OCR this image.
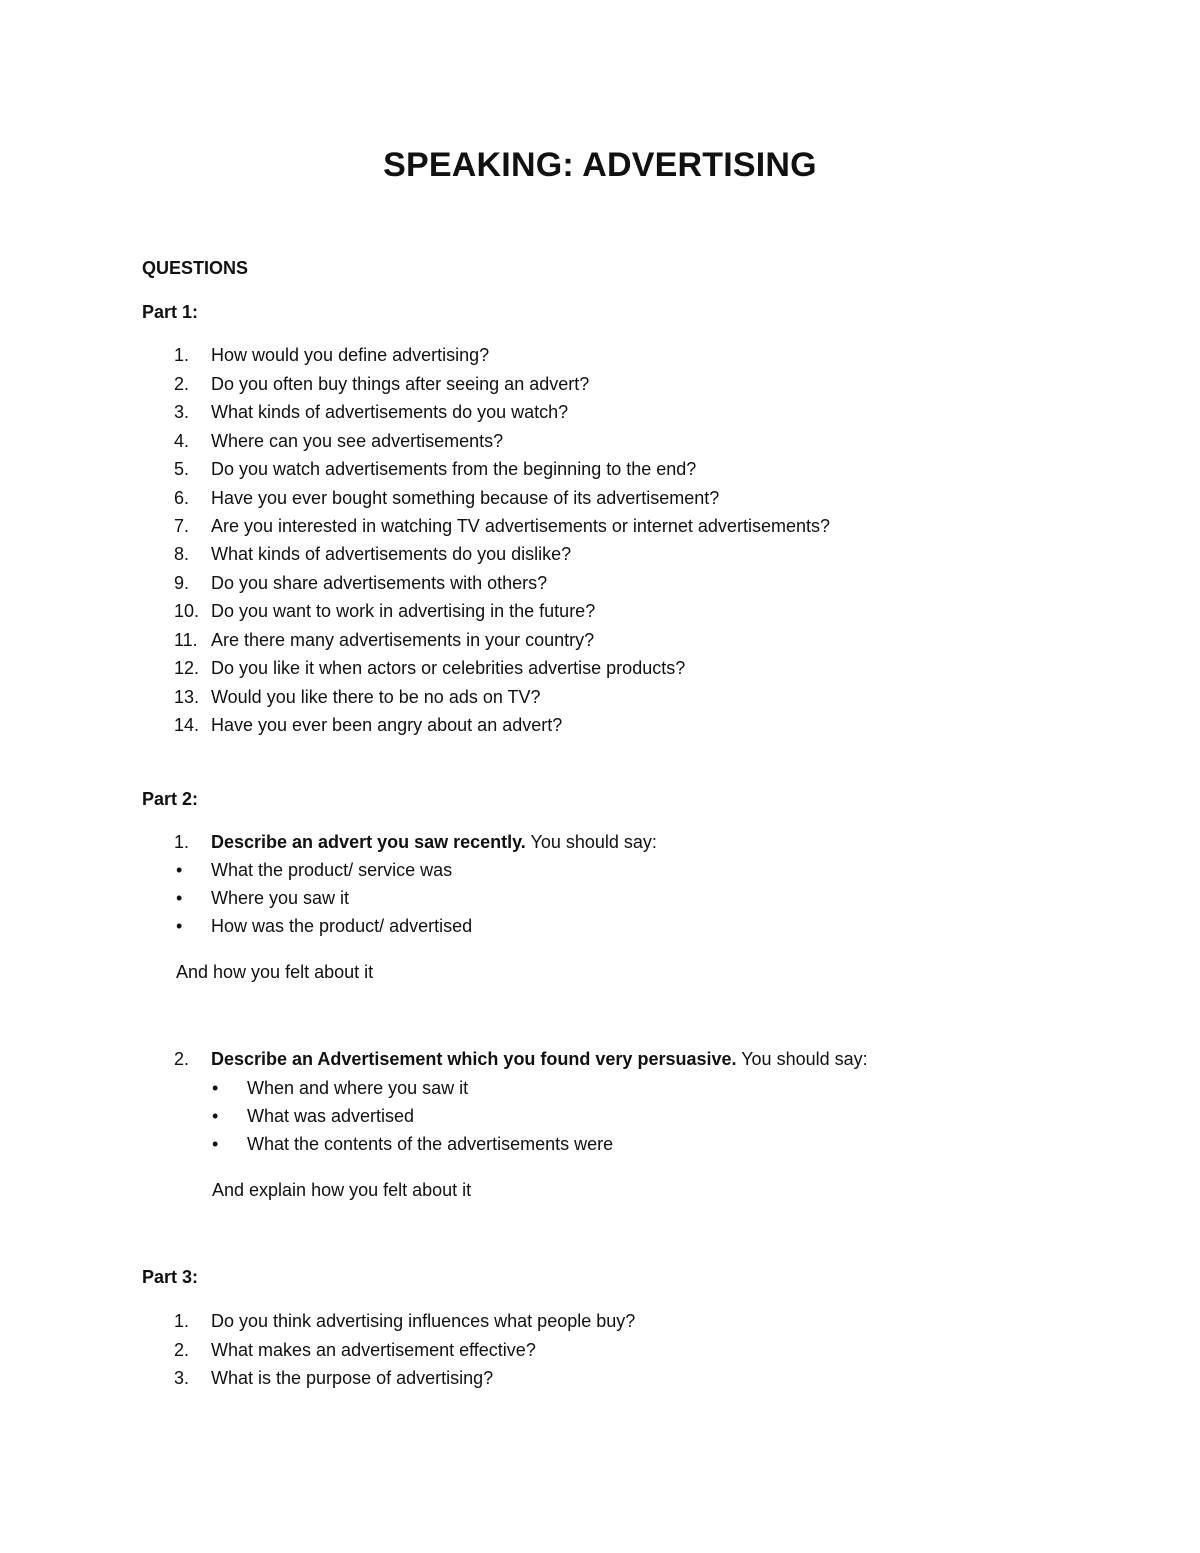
SPEAKING: ADVERTISING

QUESTIONS

Part 1:

1. How would you define advertising?
2. Do you often buy things after seeing an advert?
3. What kinds of advertisements do you watch?
4. Where can you see advertisements?
5. Do you watch advertisements from the beginning to the end?
6. Have you ever bought something because of its advertisement?
7. Are you interested in watching TV advertisements or internet advertisements?
8. What kinds of advertisements do you dislike?
9. Do you share advertisements with others?
10. Do you want to work in advertising in the future?
11. Are there many advertisements in your country?
12. Do you like it when actors or celebrities advertise products?
13. Would you like there to be no ads on TV?
14. Have you ever been angry about an advert?

Part 2:

1. Describe an advert you saw recently. You should say:
• What the product/ service was
• Where you saw it
• How was the product/ advertised
And how you felt about it
2. Describe an Advertisement which you found very persuasive. You should say:
• When and where you saw it
• What was advertised
• What the contents of the advertisements were
And explain how you felt about it

Part 3:

1. Do you think advertising influences what people buy?
2. What makes an advertisement effective?
3. What is the purpose of advertising?
